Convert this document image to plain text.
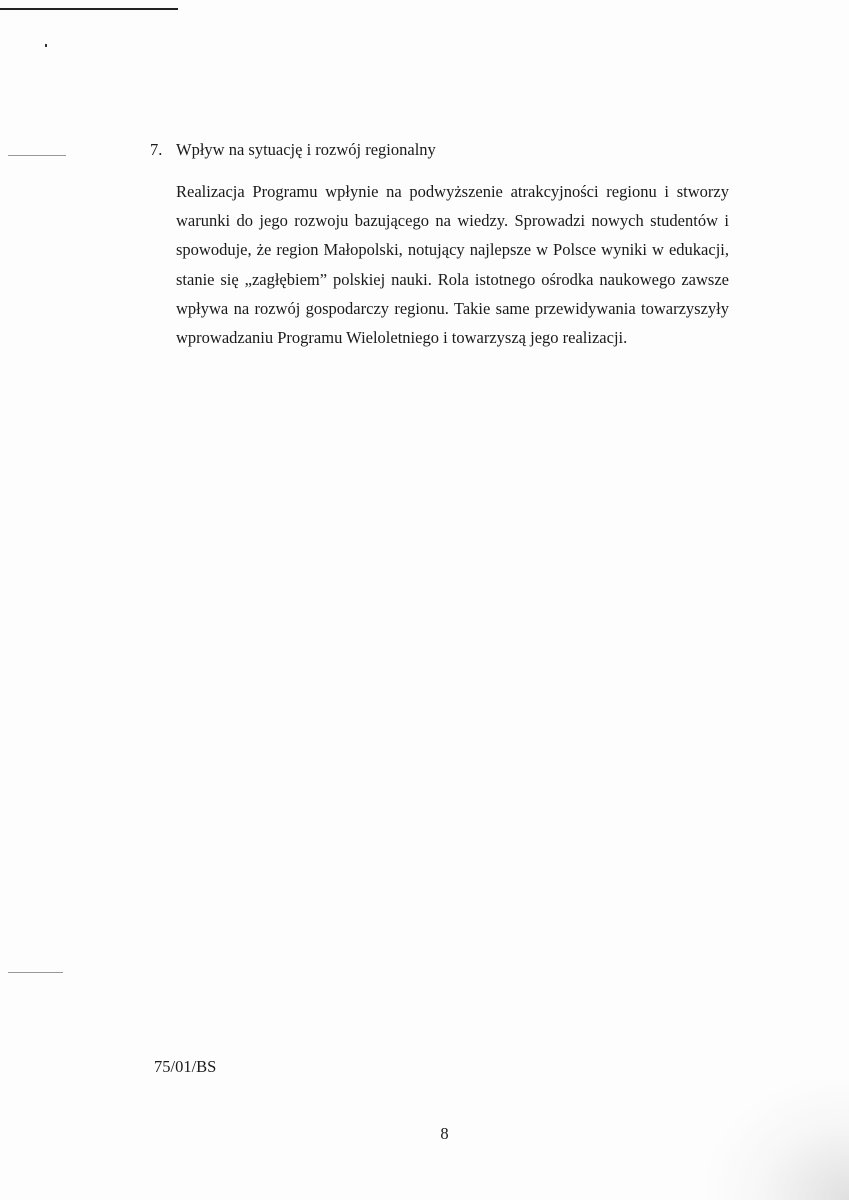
7. Wpływ na sytuację i rozwój regionalny

Realizacja Programu wpłynie na podwyższenie atrakcyjności regionu i stworzy warunki do jego rozwoju bazującego na wiedzy. Sprowadzi nowych studentów i spowoduje, że region Małopolski, notujący najlepsze w Polsce wyniki w edukacji, stanie się „zagłębiem” polskiej nauki. Rola istotnego ośrodka naukowego zawsze wpływa na rozwój gospodarczy regionu. Takie same przewidywania towarzyszyły wprowadzaniu Programu Wieloletniego i towarzyszą jego realizacji.

75/01/BS
8
